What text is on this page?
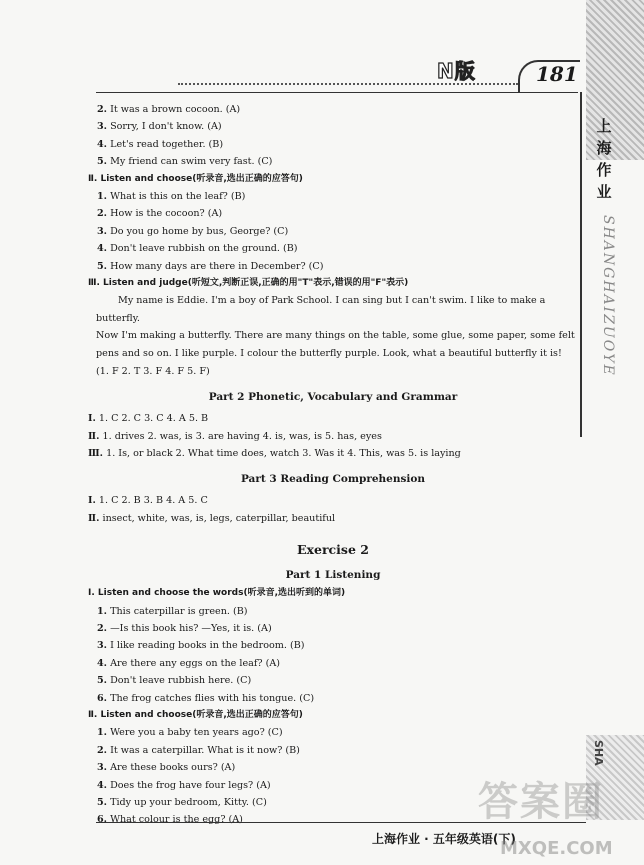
N版	181
上
海
作
业
SHANGHAIZUOYE
SHA
2. It was a brown cocoon. (A)
3. Sorry, I don't know. (A)
4. Let's read together. (B)
5. My friend can swim very fast. (C)
Ⅱ. Listen and choose(听录音,选出正确的应答句)
1. What is this on the leaf? (B)
2. How is the cocoon? (A)
3. Do you go home by bus, George? (C)
4. Don't leave rubbish on the ground. (B)
5. How many days are there in December? (C)
Ⅲ. Listen and judge(听短文,判断正误,正确的用"T"表示,错误的用"F"表示)
My name is Eddie. I'm a boy of Park School. I can sing but I can't swim. I like to make a butterfly.
Now I'm making a butterfly. There are many things on the table, some glue, some paper, some felt
pens and so on. I like purple. I colour the butterfly purple. Look, what a beautiful butterfly it is!
(1. F 2. T 3. F 4. F 5. F)
Part 2 Phonetic, Vocabulary and Grammar
Ⅰ. 1. C 2. C 3. C 4. A 5. B
Ⅱ. 1. drives 2. was, is 3. are having 4. is, was, is 5. has, eyes
Ⅲ. 1. Is, or black 2. What time does, watch 3. Was it 4. This, was 5. is laying
Part 3 Reading Comprehension
Ⅰ. 1. C 2. B 3. B 4. A 5. C
Ⅱ. insect, white, was, is, legs, caterpillar, beautiful
Exercise 2
Part 1 Listening
Ⅰ. Listen and choose the words(听录音,选出听到的单词)
1. This caterpillar is green. (B)
2. —Is this book his? —Yes, it is. (A)
3. I like reading books in the bedroom. (B)
4. Are there any eggs on the leaf? (A)
5. Don't leave rubbish here. (C)
6. The frog catches flies with his tongue. (C)
Ⅱ. Listen and choose(听录音,选出正确的应答句)
1. Were you a baby ten years ago? (C)
2. It was a caterpillar. What is it now? (B)
3. Are these books ours? (A)
4. Does the frog have four legs? (A)
5. Tidy up your bedroom, Kitty. (C)
6. What colour is the egg? (A)	答案圈
上海作业 · 五年级英语(下)
MXQE.COM
